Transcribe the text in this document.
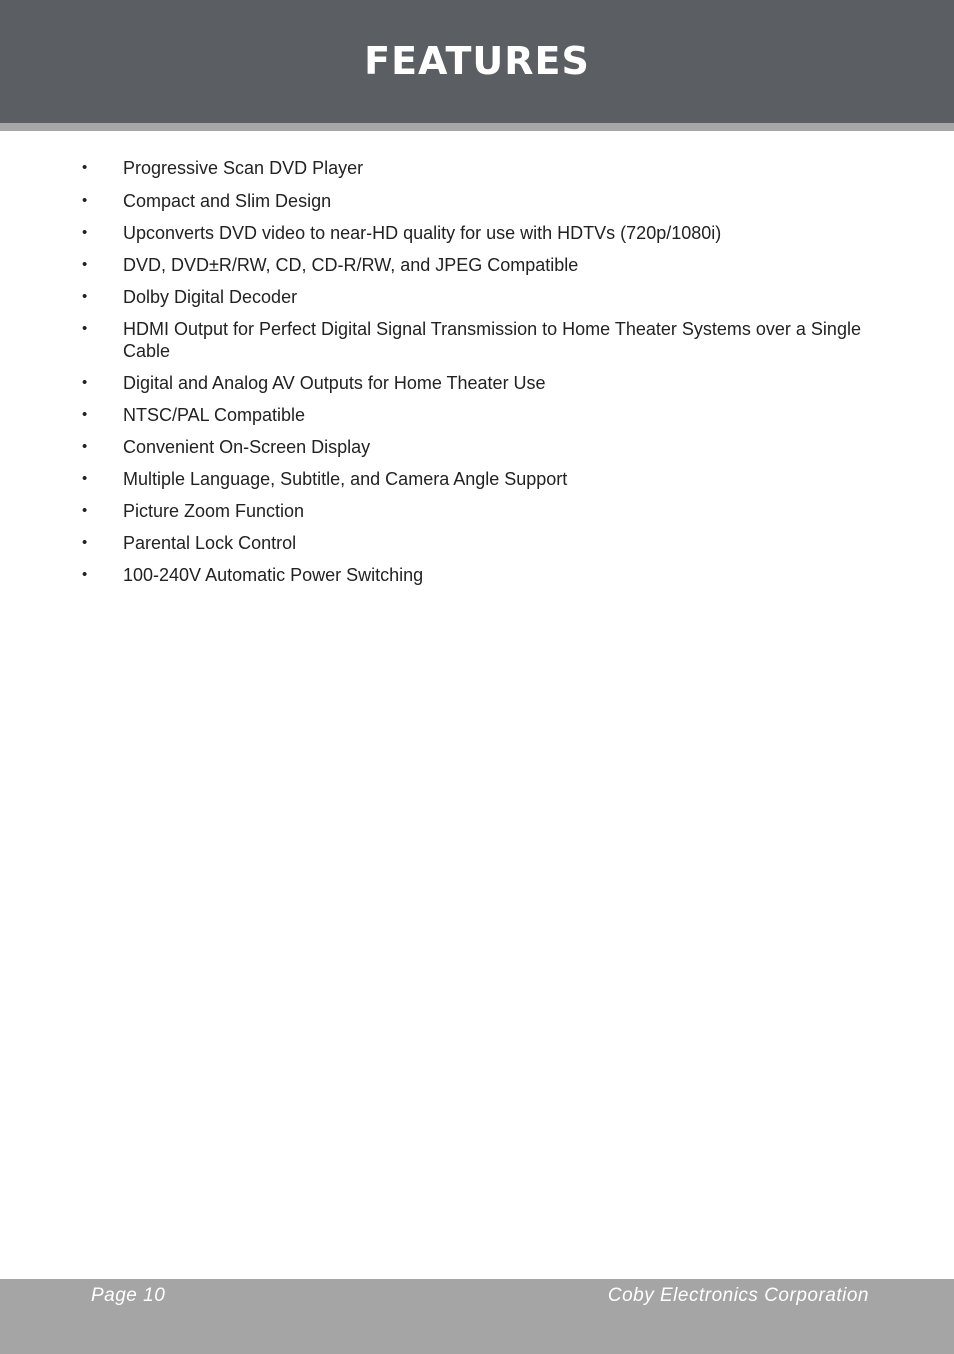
FEATURES
• Progressive Scan DVD Player
• Compact and Slim Design
• Upconverts DVD video to near-HD quality for use with HDTVs (720p/1080i)
• DVD, DVD±R/RW, CD, CD-R/RW, and JPEG Compatible
• Dolby Digital Decoder
• HDMI Output for Perfect Digital Signal Transmission to Home Theater Systems over a Single Cable
• Digital and Analog AV Outputs for Home Theater Use
• NTSC/PAL Compatible
• Convenient On-Screen Display
• Multiple Language, Subtitle, and Camera Angle Support
• Picture Zoom Function
• Parental Lock Control
• 100-240V Automatic Power Switching
Page 10	Coby Electronics Corporation
